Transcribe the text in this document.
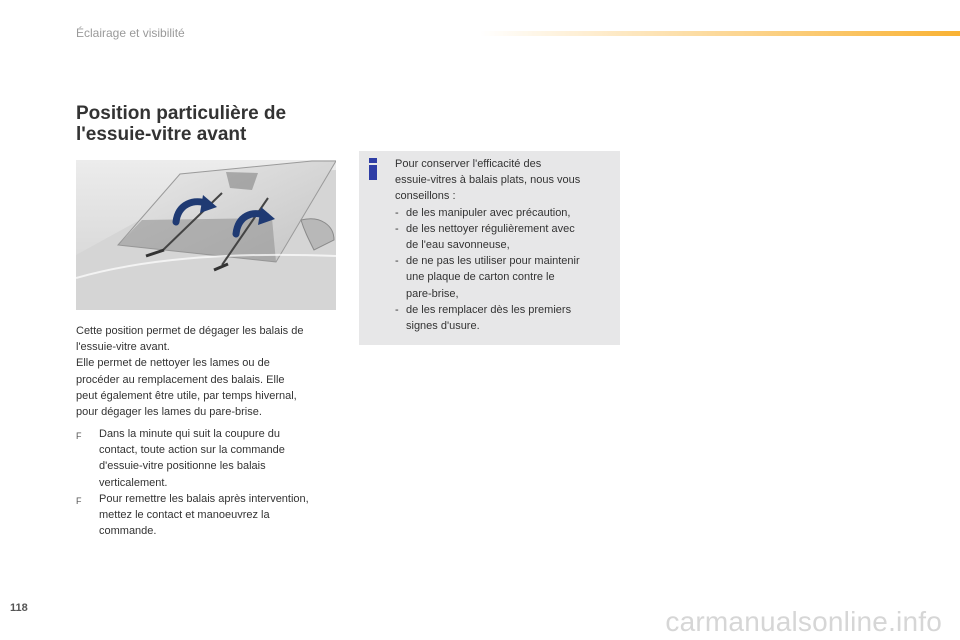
Éclairage et visibilité
Position particulière de
l'essuie-vitre avant

Cette position permet de dégager les balais de
l'essuie-vitre avant.

Elle permet de nettoyer les lames ou de
procéder au remplacement des balais. Elle
peut également être utile, par temps hivernal,
pour dégager les lames du pare-brise.

F Dans la minute qui suit la coupure du
contact, toute action sur la commande
d'essuie-vitre positionne les balais
verticalement.
F Pour remettre les balais après intervention,
mettez le contact et manoeuvrez la
commande.
Pour conserver l'efficacité des
essuie-vitres à balais plats, nous vous
conseillons :
- de les manipuler avec précaution,
- de les nettoyer régulièrement avec
de l'eau savonneuse,
- de ne pas les utiliser pour maintenir
une plaque de carton contre le
pare-brise,
- de les remplacer dès les premiers
signes d'usure.
118	carmanualsonline.info
